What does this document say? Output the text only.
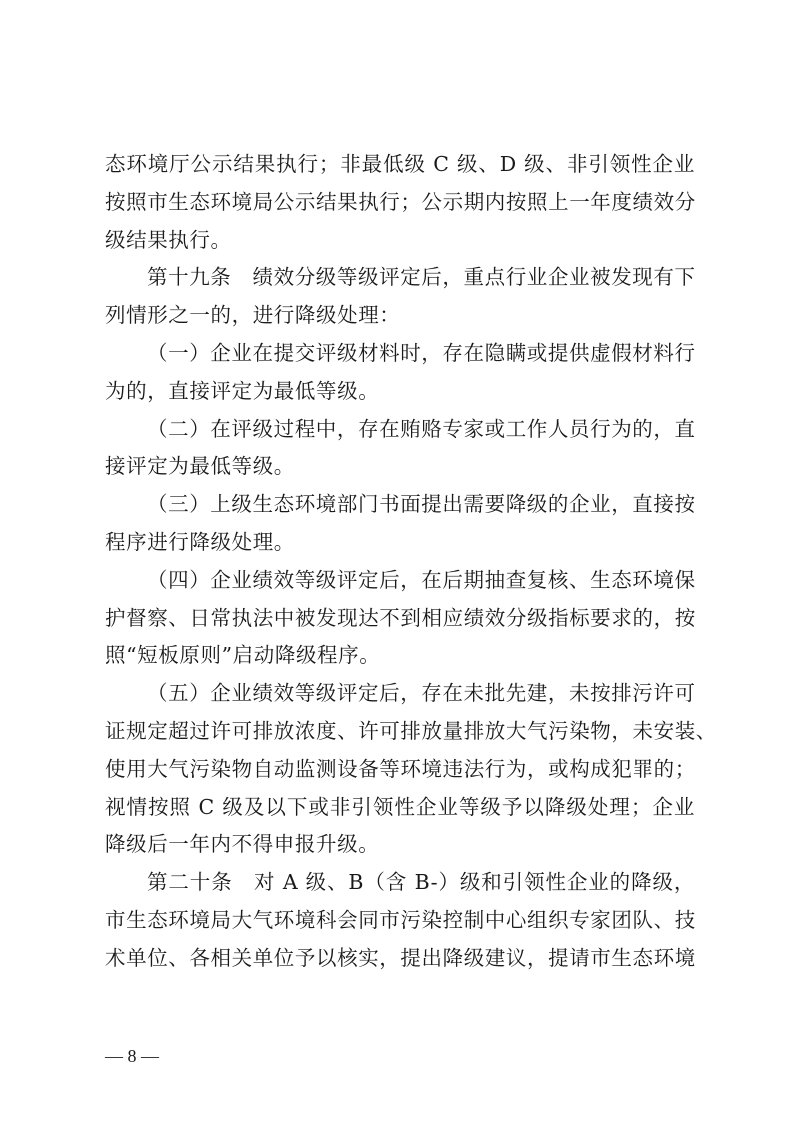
态环境厅公示结果执行；非最低级 C 级、D 级、非引领性企业
按照市生态环境局公示结果执行；公示期内按照上一年度绩效分
级结果执行。
第十九条　绩效分级等级评定后，重点行业企业被发现有下
列情形之一的，进行降级处理：
（一）企业在提交评级材料时，存在隐瞒或提供虚假材料行
为的，直接评定为最低等级。
（二）在评级过程中，存在贿赂专家或工作人员行为的，直
接评定为最低等级。
（三）上级生态环境部门书面提出需要降级的企业，直接按
程序进行降级处理。
（四）企业绩效等级评定后，在后期抽查复核、生态环境保
护督察、日常执法中被发现达不到相应绩效分级指标要求的，按
照“短板原则”启动降级程序。
（五）企业绩效等级评定后，存在未批先建，未按排污许可
证规定超过许可排放浓度、许可排放量排放大气污染物，未安装、
使用大气污染物自动监测设备等环境违法行为，或构成犯罪的；
视情按照 C 级及以下或非引领性企业等级予以降级处理；企业
降级后一年内不得申报升级。
第二十条　对 A 级、B（含 B-）级和引领性企业的降级，
市生态环境局大气环境科会同市污染控制中心组织专家团队、技
术单位、各相关单位予以核实，提出降级建议，提请市生态环境
— 8 —
